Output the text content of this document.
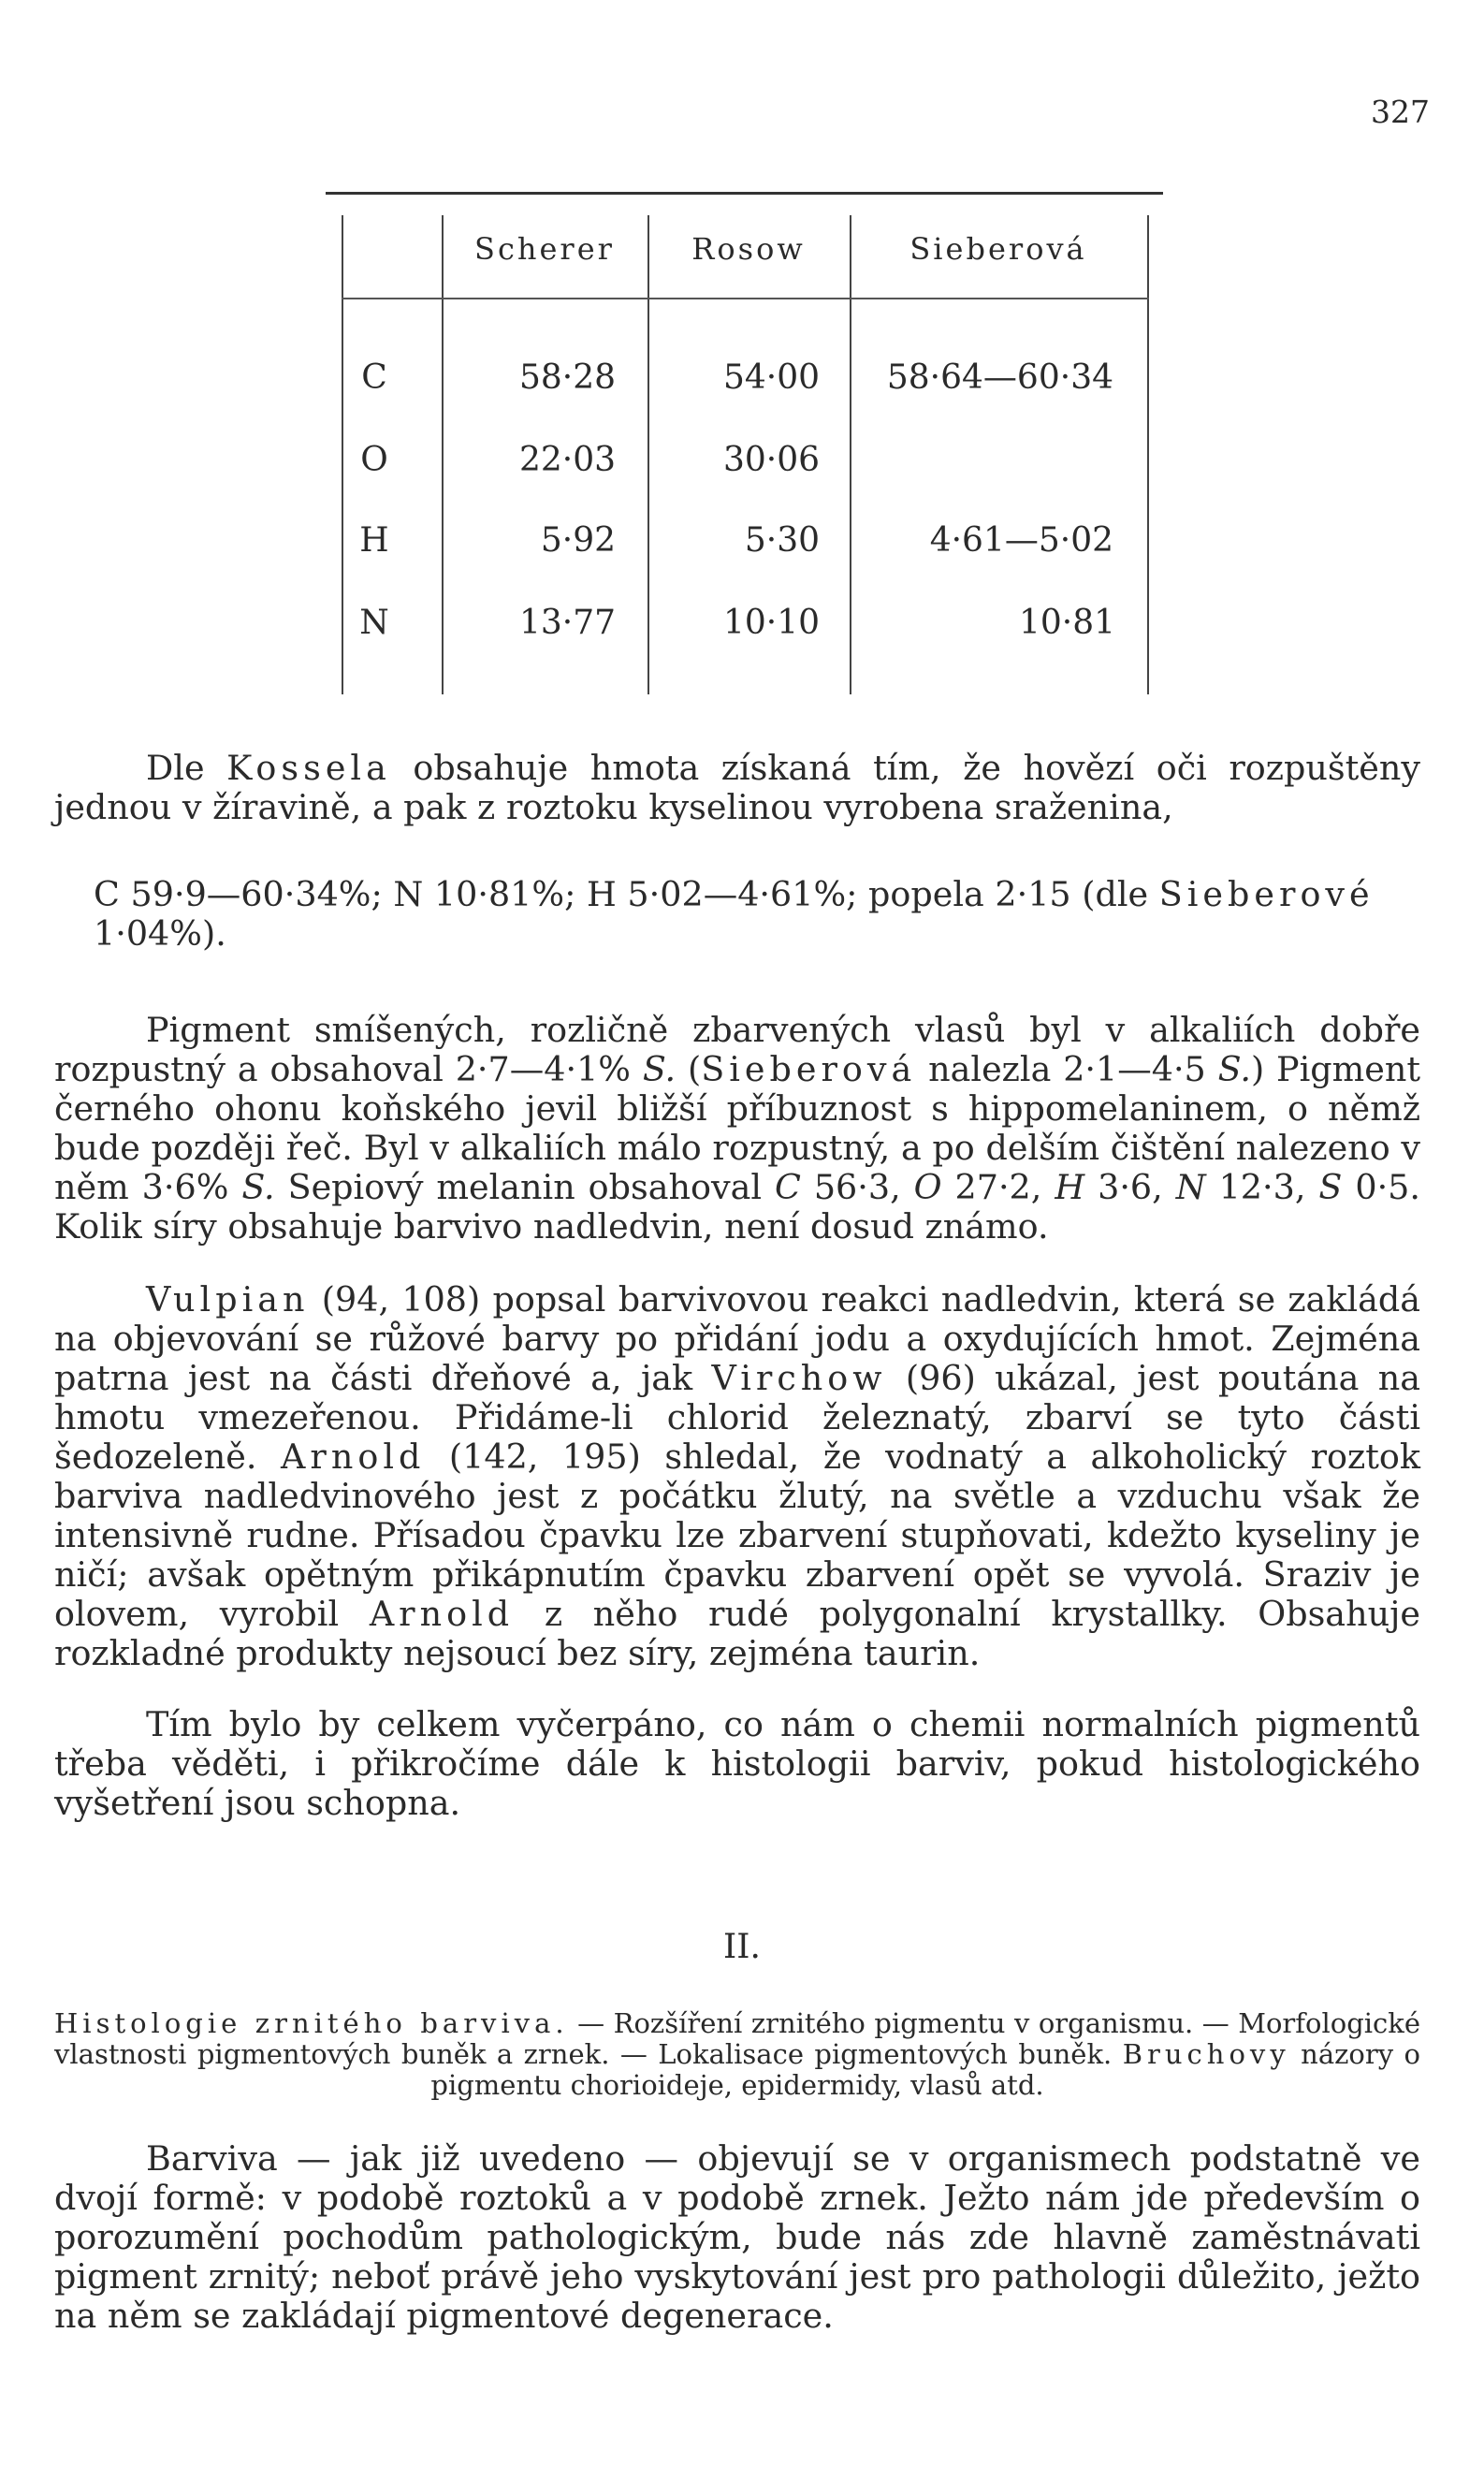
327
Scherer	Rosow	Sieberová
C	58·28	54·00	58·64—60·34
O	22·03	30·06
H	5·92	5·30	4·61—5·02
N	13·77	10·10	10·81

Dle Kossela obsahuje hmota získaná tím, že hovězí oči rozpuštěny jednou v žíravině, a pak z roztoku kyselinou vyrobena sraženina,

C 59·9—60·34%; N 10·81%; H 5·02—4·61%; popela 2·15 (dle Sieberové 1·04%).

Pigment smíšených, rozličně zbarvených vlasů byl v alkaliích dobře rozpustný a obsahoval 2·7—4·1% S. (Sieberová nalezla 2·1—4·5 S.) Pigment černého ohonu koňského jevil bližší příbuznost s hippomelaninem, o němž bude později řeč. Byl v alkaliích málo rozpustný, a po delším čištění nalezeno v něm 3·6% S. Sepiový melanin obsahoval C 56·3, O 27·2, H 3·6, N 12·3, S 0·5. Kolik síry obsahuje barvivo nadledvin, není dosud známo.

Vulpian (94, 108) popsal barvivovou reakci nadledvin, která se zakládá na objevování se růžové barvy po přidání jodu a oxydujících hmot. Zejména patrna jest na části dřeňové a, jak Virchow (96) ukázal, jest poutána na hmotu vmezeřenou. Přidáme-li chlorid železnatý, zbarví se tyto části šedozeleně. Arnold (142, 195) shledal, že vodnatý a alkoholický roztok barviva nadledvinového jest z počátku žlutý, na světle a vzduchu však že intensivně rudne. Přísadou čpavku lze zbarvení stupňovati, kdežto kyseliny je ničí; avšak opětným přikápnutím čpavku zbarvení opět se vyvolá. Sraziv je olovem, vyrobil Arnold z něho rudé polygonalní krystallky. Obsahuje rozkladné produkty nejsoucí bez síry, zejména taurin.

Tím bylo by celkem vyčerpáno, co nám o chemii normalních pigmentů třeba věděti, i přikročíme dále k histologii barviv, pokud histologického vyšetření jsou schopna.

II.

Histologie zrnitého barviva. — Rozšíření zrnitého pigmentu v organismu. — Morfologické vlastnosti pigmentových buněk a zrnek. — Lokalisace pigmentových buněk. Bruchovy názory o pigmentu chorioideje, epidermidy, vlasů atd.

Barviva — jak již uvedeno — objevují se v organismech podstatně ve dvojí formě: v podobě roztoků a v podobě zrnek. Ježto nám jde především o porozumění pochodům pathologickým, bude nás zde hlavně zaměstnávati pigment zrnitý; neboť právě jeho vyskytování jest pro pathologii důležito, ježto na něm se zakládají pigmentové degenerace.
